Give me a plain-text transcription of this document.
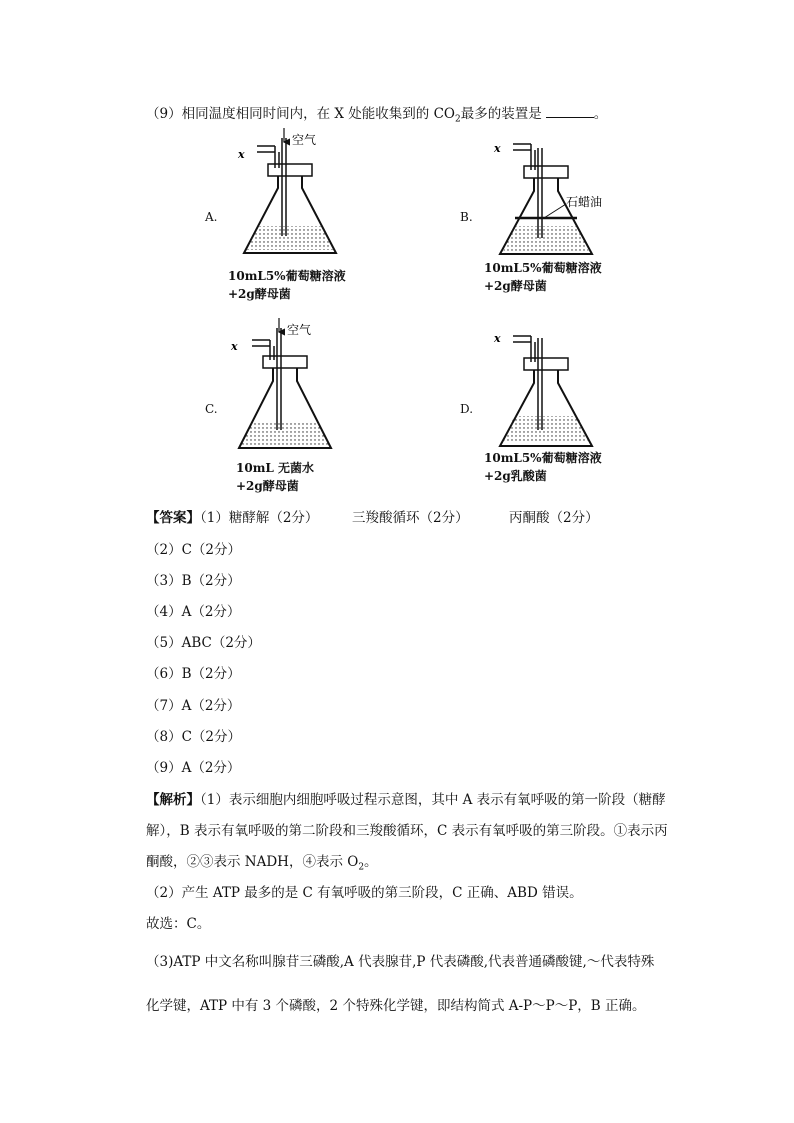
（9）相同温度相同时间内，在 X 处能收集到的 $CO_2$最多的装置是	。
A.	B.
C.	D.
空气
x
10mL5%葡萄糖溶液
+2g酵母菌
石蜡油
x
10mL5%葡萄糖溶液
+2g酵母菌
空气
x
10mL 无菌水
+2g酵母菌
x
10mL5%葡萄糖溶液
+2g乳酸菌
【答案】（1）糖酵解（2分） 三羧酸循环（2分）	丙酮酸（2分）
（2）C（2分）
（3）B（2分）
（4）A（2分）
（5）ABC（2分）
（6）B（2分）
（7）A（2分）
（8）C（2分）
（9）A（2分）
【解析】（1）表示细胞内细胞呼吸过程示意图，其中 A 表示有氧呼吸的第一阶段（糖酵
解），B 表示有氧呼吸的第二阶段和三羧酸循环，C 表示有氧呼吸的第三阶段。①表示丙
酮酸，②③表示 NADH，④表示 $O_2$。
（2）产生 ATP 最多的是 C 有氧呼吸的第三阶段，C 正确、ABD 错误。
故选：C。
（3)ATP 中文名称叫腺苷三磷酸,A 代表腺苷,P 代表磷酸,代表普通磷酸键,～代表特殊
化学键，ATP 中有 3 个磷酸，2 个特殊化学键，即结构简式 A-P～P～P，B 正确。
